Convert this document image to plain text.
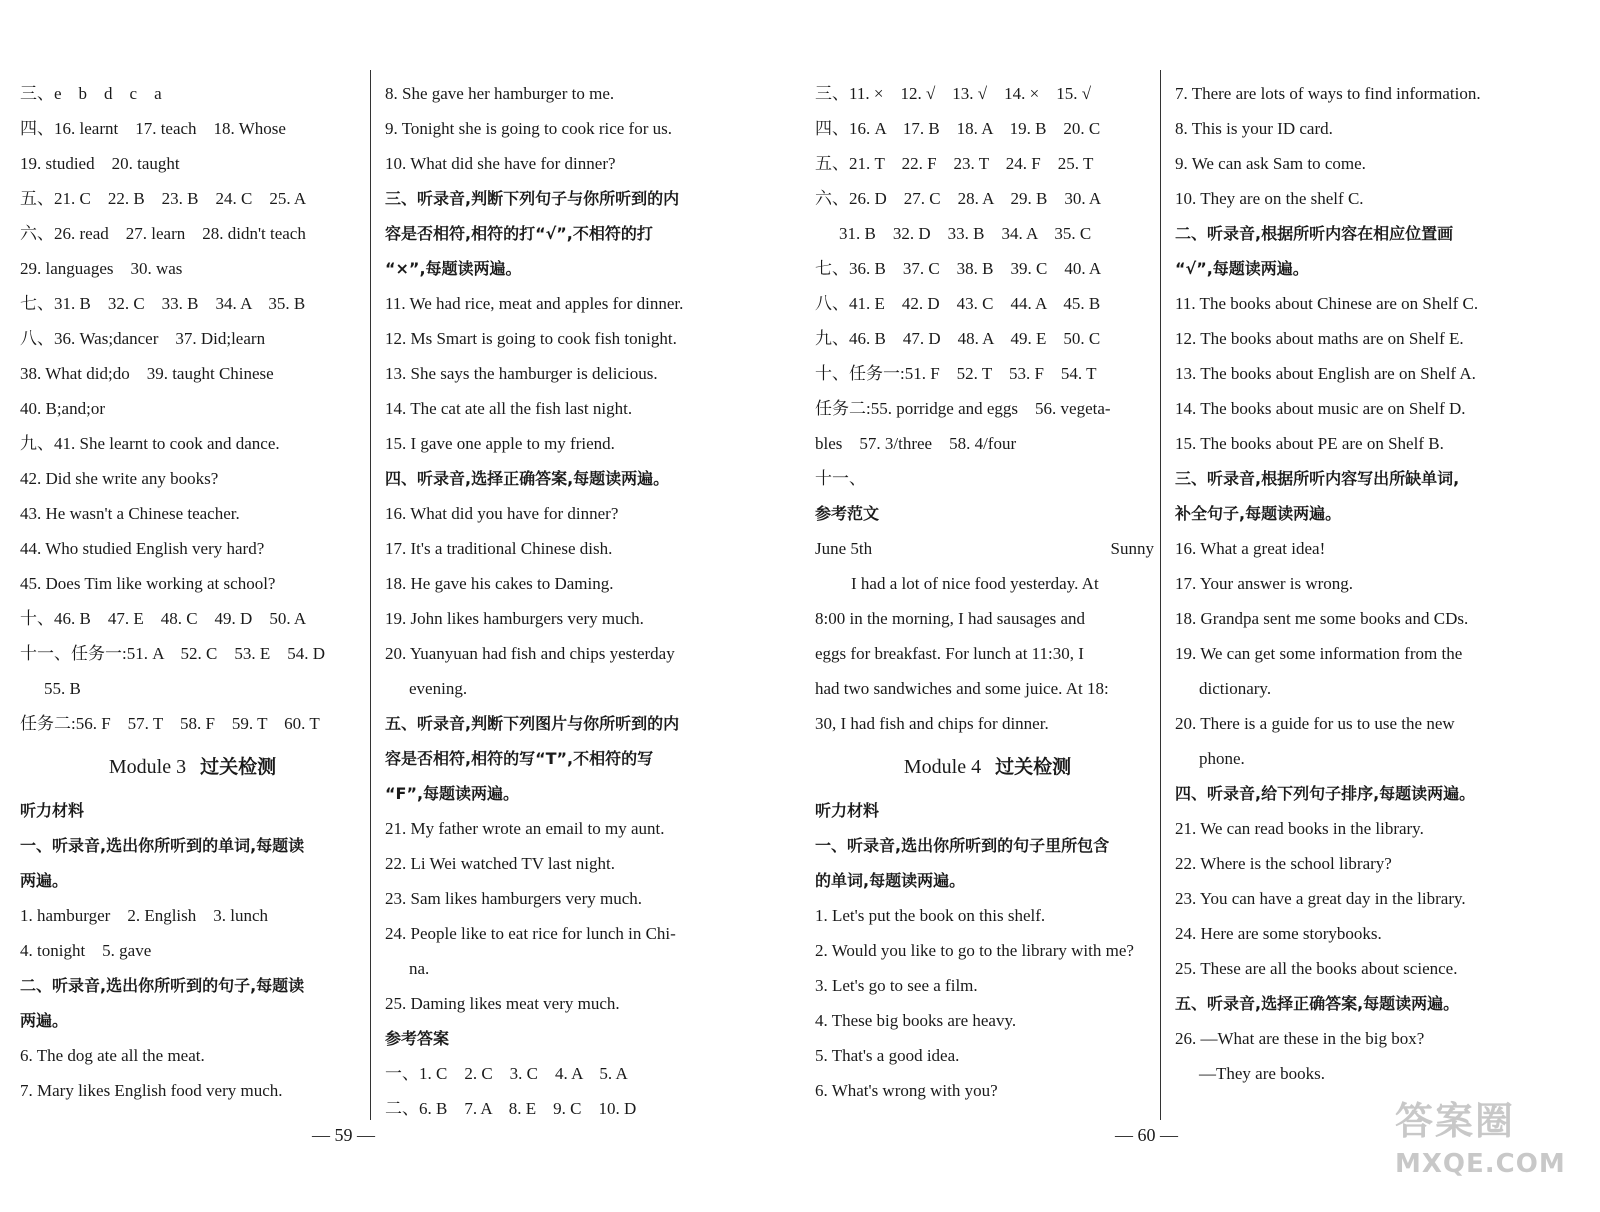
三、e　b　d　c　a
四、16. learnt　17. teach　18. Whose
19. studied　20. taught
五、21. C　22. B　23. B　24. C　25. A
六、26. read　27. learn　28. didn't teach
29. languages　30. was
七、31. B　32. C　33. B　34. A　35. B
八、36. Was;dancer　37. Did;learn
38. What did;do　39. taught Chinese
40. B;and;or
九、41. She learnt to cook and dance.
42. Did she write any books?
43. He wasn't a Chinese teacher.
44. Who studied English very hard?
45. Does Tim like working at school?
十、46. B　47. E　48. C　49. D　50. A
十一、任务一:51. A　52. C　53. E　54. D
55. B
任务二:56. F　57. T　58. F　59. T　60. T
Module 3 过关检测
听力材料
一、听录音,选出你所听到的单词,每题读
两遍。
1. hamburger　2. English　3. lunch
4. tonight　5. gave
二、听录音,选出你所听到的句子,每题读
两遍。
6. The dog ate all the meat.
7. Mary likes English food very much.
8. She gave her hamburger to me.
9. Tonight she is going to cook rice for us.
10. What did she have for dinner?
三、听录音,判断下列句子与你所听到的内
容是否相符,相符的打“√”,不相符的打
“×”,每题读两遍。
11. We had rice, meat and apples for dinner.
12. Ms Smart is going to cook fish tonight.
13. She says the hamburger is delicious.
14. The cat ate all the fish last night.
15. I gave one apple to my friend.
四、听录音,选择正确答案,每题读两遍。
16. What did you have for dinner?
17. It's a traditional Chinese dish.
18. He gave his cakes to Daming.
19. John likes hamburgers very much.
20. Yuanyuan had fish and chips yesterday
evening.
五、听录音,判断下列图片与你所听到的内
容是否相符,相符的写“T”,不相符的写
“F”,每题读两遍。
21. My father wrote an email to my aunt.
22. Li Wei watched TV last night.
23. Sam likes hamburgers very much.
24. People like to eat rice for lunch in Chi-
na.
25. Daming likes meat very much.
参考答案
一、1. C　2. C　3. C　4. A　5. A
二、6. B　7. A　8. E　9. C　10. D
三、11. ×　12. √　13. √　14. ×　15. √
四、16. A　17. B　18. A　19. B　20. C
五、21. T　22. F　23. T　24. F　25. T
六、26. D　27. C　28. A　29. B　30. A
31. B　32. D　33. B　34. A　35. C
七、36. B　37. C　38. B　39. C　40. A
八、41. E　42. D　43. C　44. A　45. B
九、46. B　47. D　48. A　49. E　50. C
十、任务一:51. F　52. T　53. F　54. T
任务二:55. porridge and eggs　56. vegeta-
bles　57. 3/three　58. 4/four
十一、
参考范文
June 5th	Sunny
I had a lot of nice food yesterday. At
8:00 in the morning, I had sausages and
eggs for breakfast. For lunch at 11:30, I
had two sandwiches and some juice. At 18:
30, I had fish and chips for dinner.
Module 4 过关检测
听力材料
一、听录音,选出你所听到的句子里所包含
的单词,每题读两遍。
1. Let's put the book on this shelf.
2. Would you like to go to the library with me?
3. Let's go to see a film.
4. These big books are heavy.
5. That's a good idea.
6. What's wrong with you?
7. There are lots of ways to find information.
8. This is your ID card.
9. We can ask Sam to come.
10. They are on the shelf C.
二、听录音,根据所听内容在相应位置画
“√”,每题读两遍。
11. The books about Chinese are on Shelf C.
12. The books about maths are on Shelf E.
13. The books about English are on Shelf A.
14. The books about music are on Shelf D.
15. The books about PE are on Shelf B.
三、听录音,根据所听内容写出所缺单词,
补全句子,每题读两遍。
16. What a great idea!
17. Your answer is wrong.
18. Grandpa sent me some books and CDs.
19. We can get some information from the
dictionary.
20. There is a guide for us to use the new
phone.
四、听录音,给下列句子排序,每题读两遍。
21. We can read books in the library.
22. Where is the school library?
23. You can have a great day in the library.
24. Here are some storybooks.
25. These are all the books about science.
五、听录音,选择正确答案,每题读两遍。
26. —What are these in the big box?
—They are books.
— 59 —	— 60 —	答案圈
MXQE.COM
